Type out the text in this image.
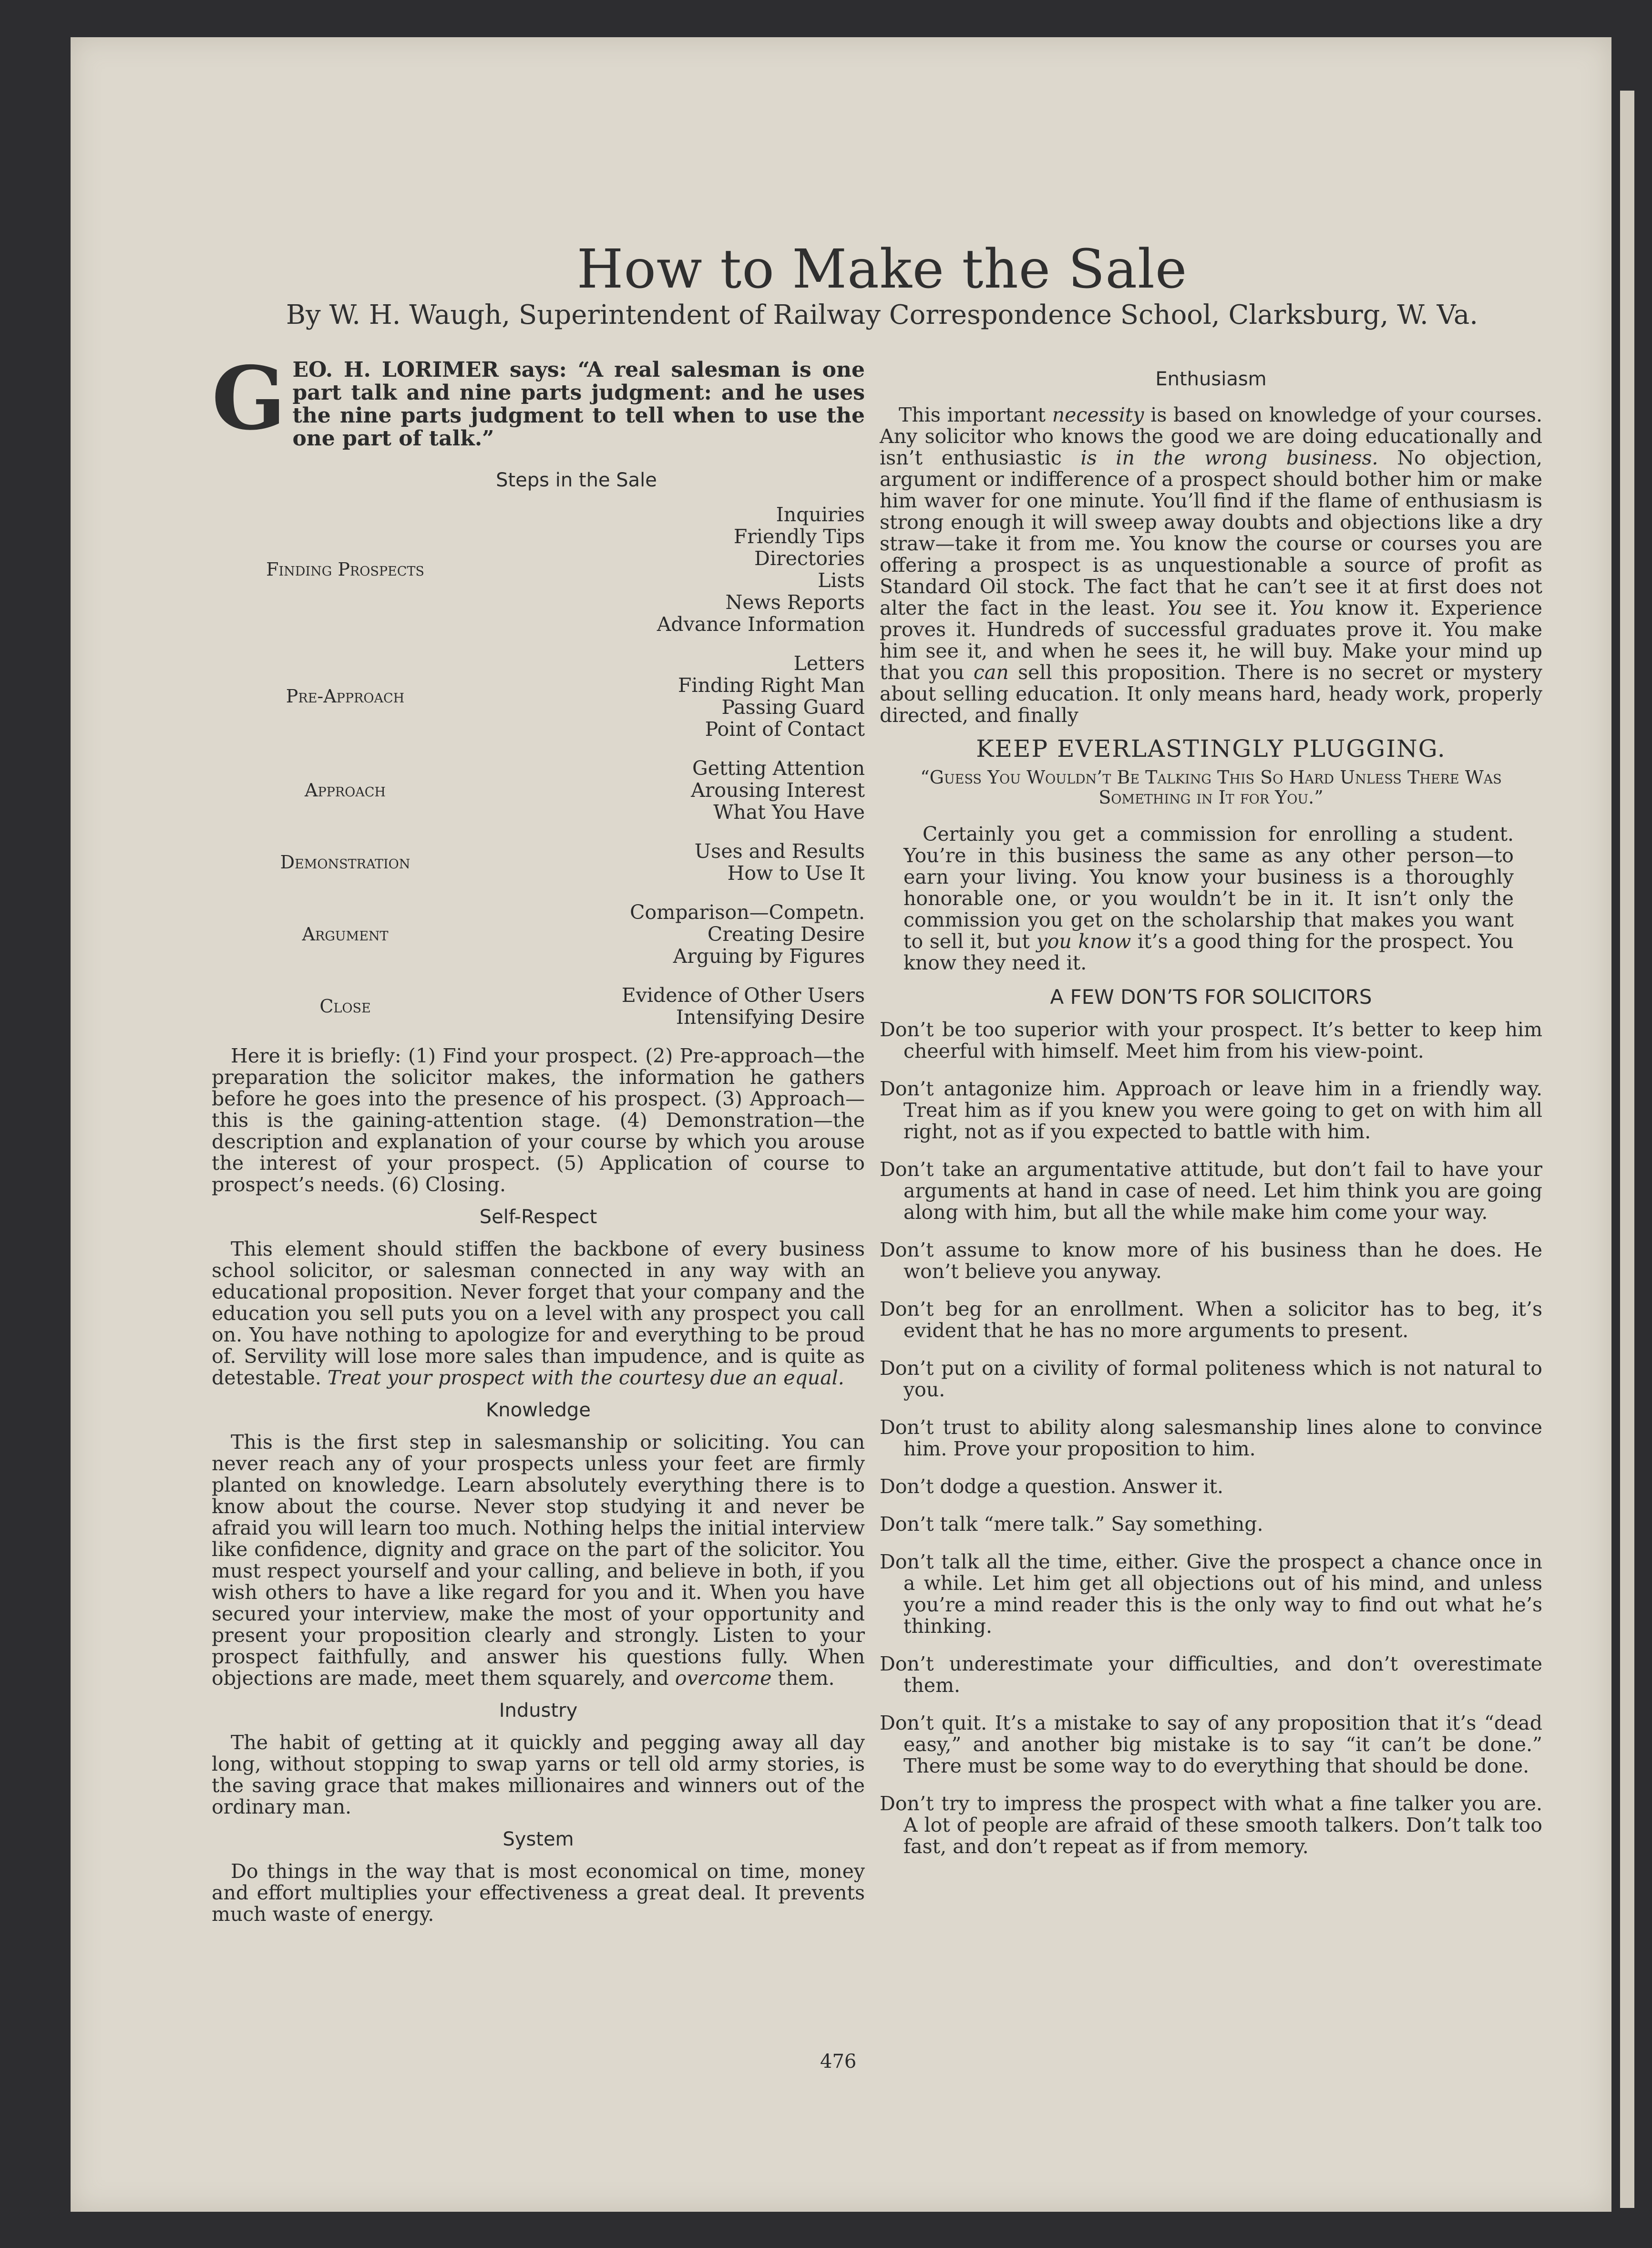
How to Make the Sale
By W. H. Waugh, Superintendent of Railway Correspondence School, Clarksburg, W. Va.

GEO. H. LORIMER says: “A real salesman is one part talk and nine parts judgment: and he uses the nine parts judgment to tell when to use the one part of talk.”

Steps in the Sale
Finding Prospects
Inquiries
Friendly Tips
Directories
Lists
News Reports
Advance Information
Pre-Approach
Letters
Finding Right Man
Passing Guard
Point of Contact
Approach
Getting Attention
Arousing Interest
What You Have
Demonstration	Uses and Results
How to Use It
Argument
Comparison—Competn.
Creating Desire
Arguing by Figures
Close	Evidence of Other Users
Intensifying Desire

Here it is briefly: (1) Find your prospect. (2) Pre-approach—the preparation the solicitor makes, the information he gathers before he goes into the presence of his prospect. (3) Approach—this is the gaining-attention stage. (4) Demonstration—the description and explanation of your course by which you arouse the interest of your prospect. (5) Application of course to prospect’s needs. (6) Closing.

Self-Respect

This element should stiffen the backbone of every business school solicitor, or salesman connected in any way with an educational proposition. Never forget that your company and the education you sell puts you on a level with any prospect you call on. You have nothing to apologize for and everything to be proud of. Servility will lose more sales than impudence, and is quite as detestable. Treat your prospect with the courtesy due an equal.

Knowledge

This is the first step in salesmanship or soliciting. You can never reach any of your prospects unless your feet are firmly planted on knowledge. Learn absolutely everything there is to know about the course. Never stop studying it and never be afraid you will learn too much. Nothing helps the initial interview like confidence, dignity and grace on the part of the solicitor. You must respect yourself and your calling, and believe in both, if you wish others to have a like regard for you and it. When you have secured your interview, make the most of your opportunity and present your proposition clearly and strongly. Listen to your prospect faithfully, and answer his questions fully. When objections are made, meet them squarely, and overcome them.

Industry

The habit of getting at it quickly and pegging away all day long, without stopping to swap yarns or tell old army stories, is the saving grace that makes millionaires and winners out of the ordinary man.

System

Do things in the way that is most economical on time, money and effort multiplies your effectiveness a great deal. It prevents much waste of energy.

Enthusiasm

This important necessity is based on knowledge of your courses. Any solicitor who knows the good we are doing educationally and isn’t enthusiastic is in the wrong business. No objection, argument or indifference of a prospect should bother him or make him waver for one minute. You’ll find if the flame of enthusiasm is strong enough it will sweep away doubts and objections like a dry straw—take it from me. You know the course or courses you are offering a prospect is as unquestionable a source of profit as Standard Oil stock. The fact that he can’t see it at first does not alter the fact in the least. You see it. You know it. Experience proves it. Hundreds of successful graduates prove it. You make him see it, and when he sees it, he will buy. Make your mind up that you can sell this proposition. There is no secret or mystery about selling education. It only means hard, heady work, properly directed, and finally

KEEP EVERLASTINGLY PLUGGING.
“Guess You Wouldn’t Be Talking This So Hard Unless There Was Something in It for You.”

Certainly you get a commission for enrolling a student. You’re in this business the same as any other person—to earn your living. You know your business is a thoroughly honorable one, or you wouldn’t be in it. It isn’t only the commission you get on the scholarship that makes you want to sell it, but you know it’s a good thing for the prospect. You know they need it.

A FEW DON’TS FOR SOLICITORS

Don’t be too superior with your prospect. It’s better to keep him cheerful with himself. Meet him from his view-point.

Don’t antagonize him. Approach or leave him in a friendly way. Treat him as if you knew you were going to get on with him all right, not as if you expected to battle with him.

Don’t take an argumentative attitude, but don’t fail to have your arguments at hand in case of need. Let him think you are going along with him, but all the while make him come your way.

Don’t assume to know more of his business than he does. He won’t believe you anyway.

Don’t beg for an enrollment. When a solicitor has to beg, it’s evident that he has no more arguments to present.

Don’t put on a civility of formal politeness which is not natural to you.

Don’t trust to ability along salesmanship lines alone to convince him. Prove your proposition to him.

Don’t dodge a question. Answer it.

Don’t talk “mere talk.” Say something.

Don’t talk all the time, either. Give the prospect a chance once in a while. Let him get all objections out of his mind, and unless you’re a mind reader this is the only way to find out what he’s thinking.

Don’t underestimate your difficulties, and don’t overestimate them.

Don’t quit. It’s a mistake to say of any proposition that it’s “dead easy,” and another big mistake is to say “it can’t be done.” There must be some way to do everything that should be done.

Don’t try to impress the prospect with what a fine talker you are. A lot of people are afraid of these smooth talkers. Don’t talk too fast, and don’t repeat as if from memory.

476
